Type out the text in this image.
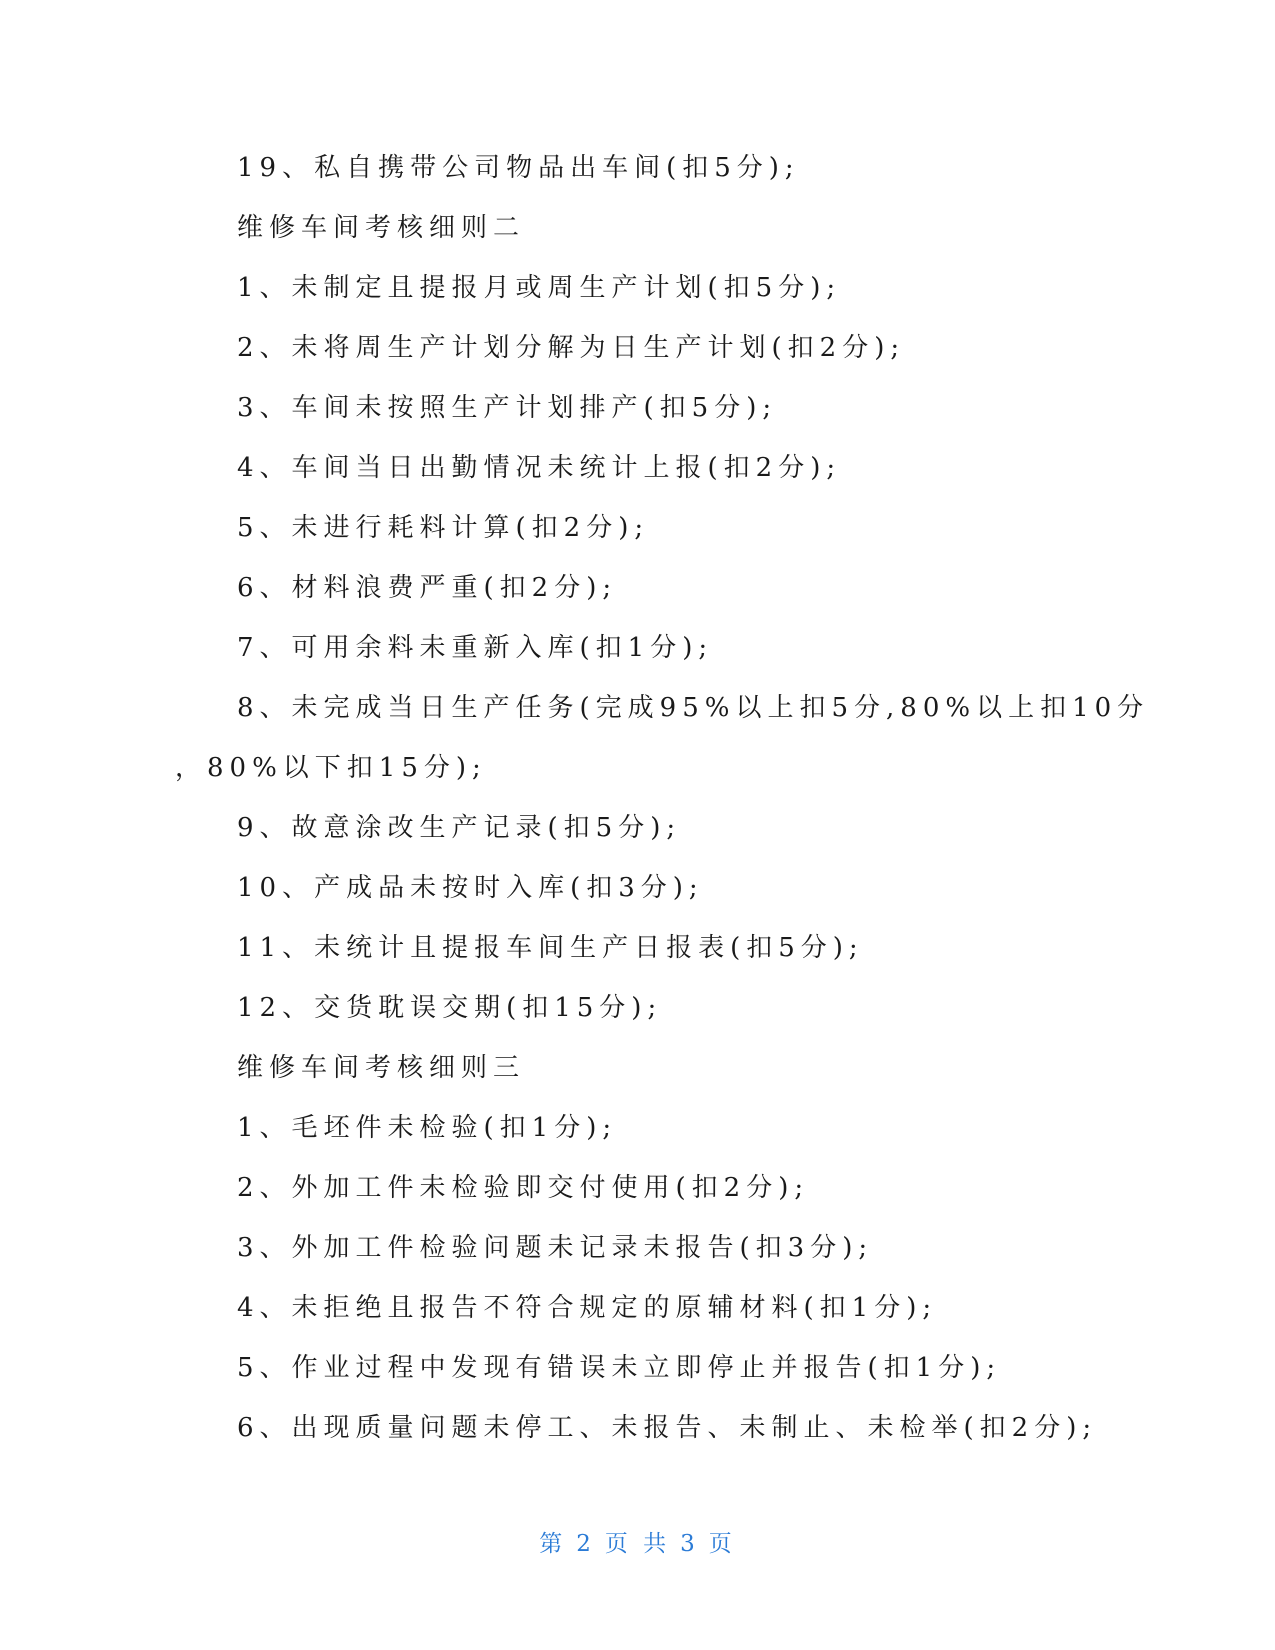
19、私自携带公司物品出车间(扣5分);
维修车间考核细则二
1、未制定且提报月或周生产计划(扣5分);
2、未将周生产计划分解为日生产计划(扣2分);
3、车间未按照生产计划排产(扣5分);
4、车间当日出勤情况未统计上报(扣2分);
5、未进行耗料计算(扣2分);
6、材料浪费严重(扣2分);
7、可用余料未重新入库(扣1分);
8、未完成当日生产任务(完成95%以上扣5分,80%以上扣10分
，80%以下扣15分);
9、故意涂改生产记录(扣5分);
10、产成品未按时入库(扣3分);
11、未统计且提报车间生产日报表(扣5分);
12、交货耽误交期(扣15分);
维修车间考核细则三
1、毛坯件未检验(扣1分);
2、外加工件未检验即交付使用(扣2分);
3、外加工件检验问题未记录未报告(扣3分);
4、未拒绝且报告不符合规定的原辅材料(扣1分);
5、作业过程中发现有错误未立即停止并报告(扣1分);
6、出现质量问题未停工、未报告、未制止、未检举(扣2分);
第 2 页 共 3 页
